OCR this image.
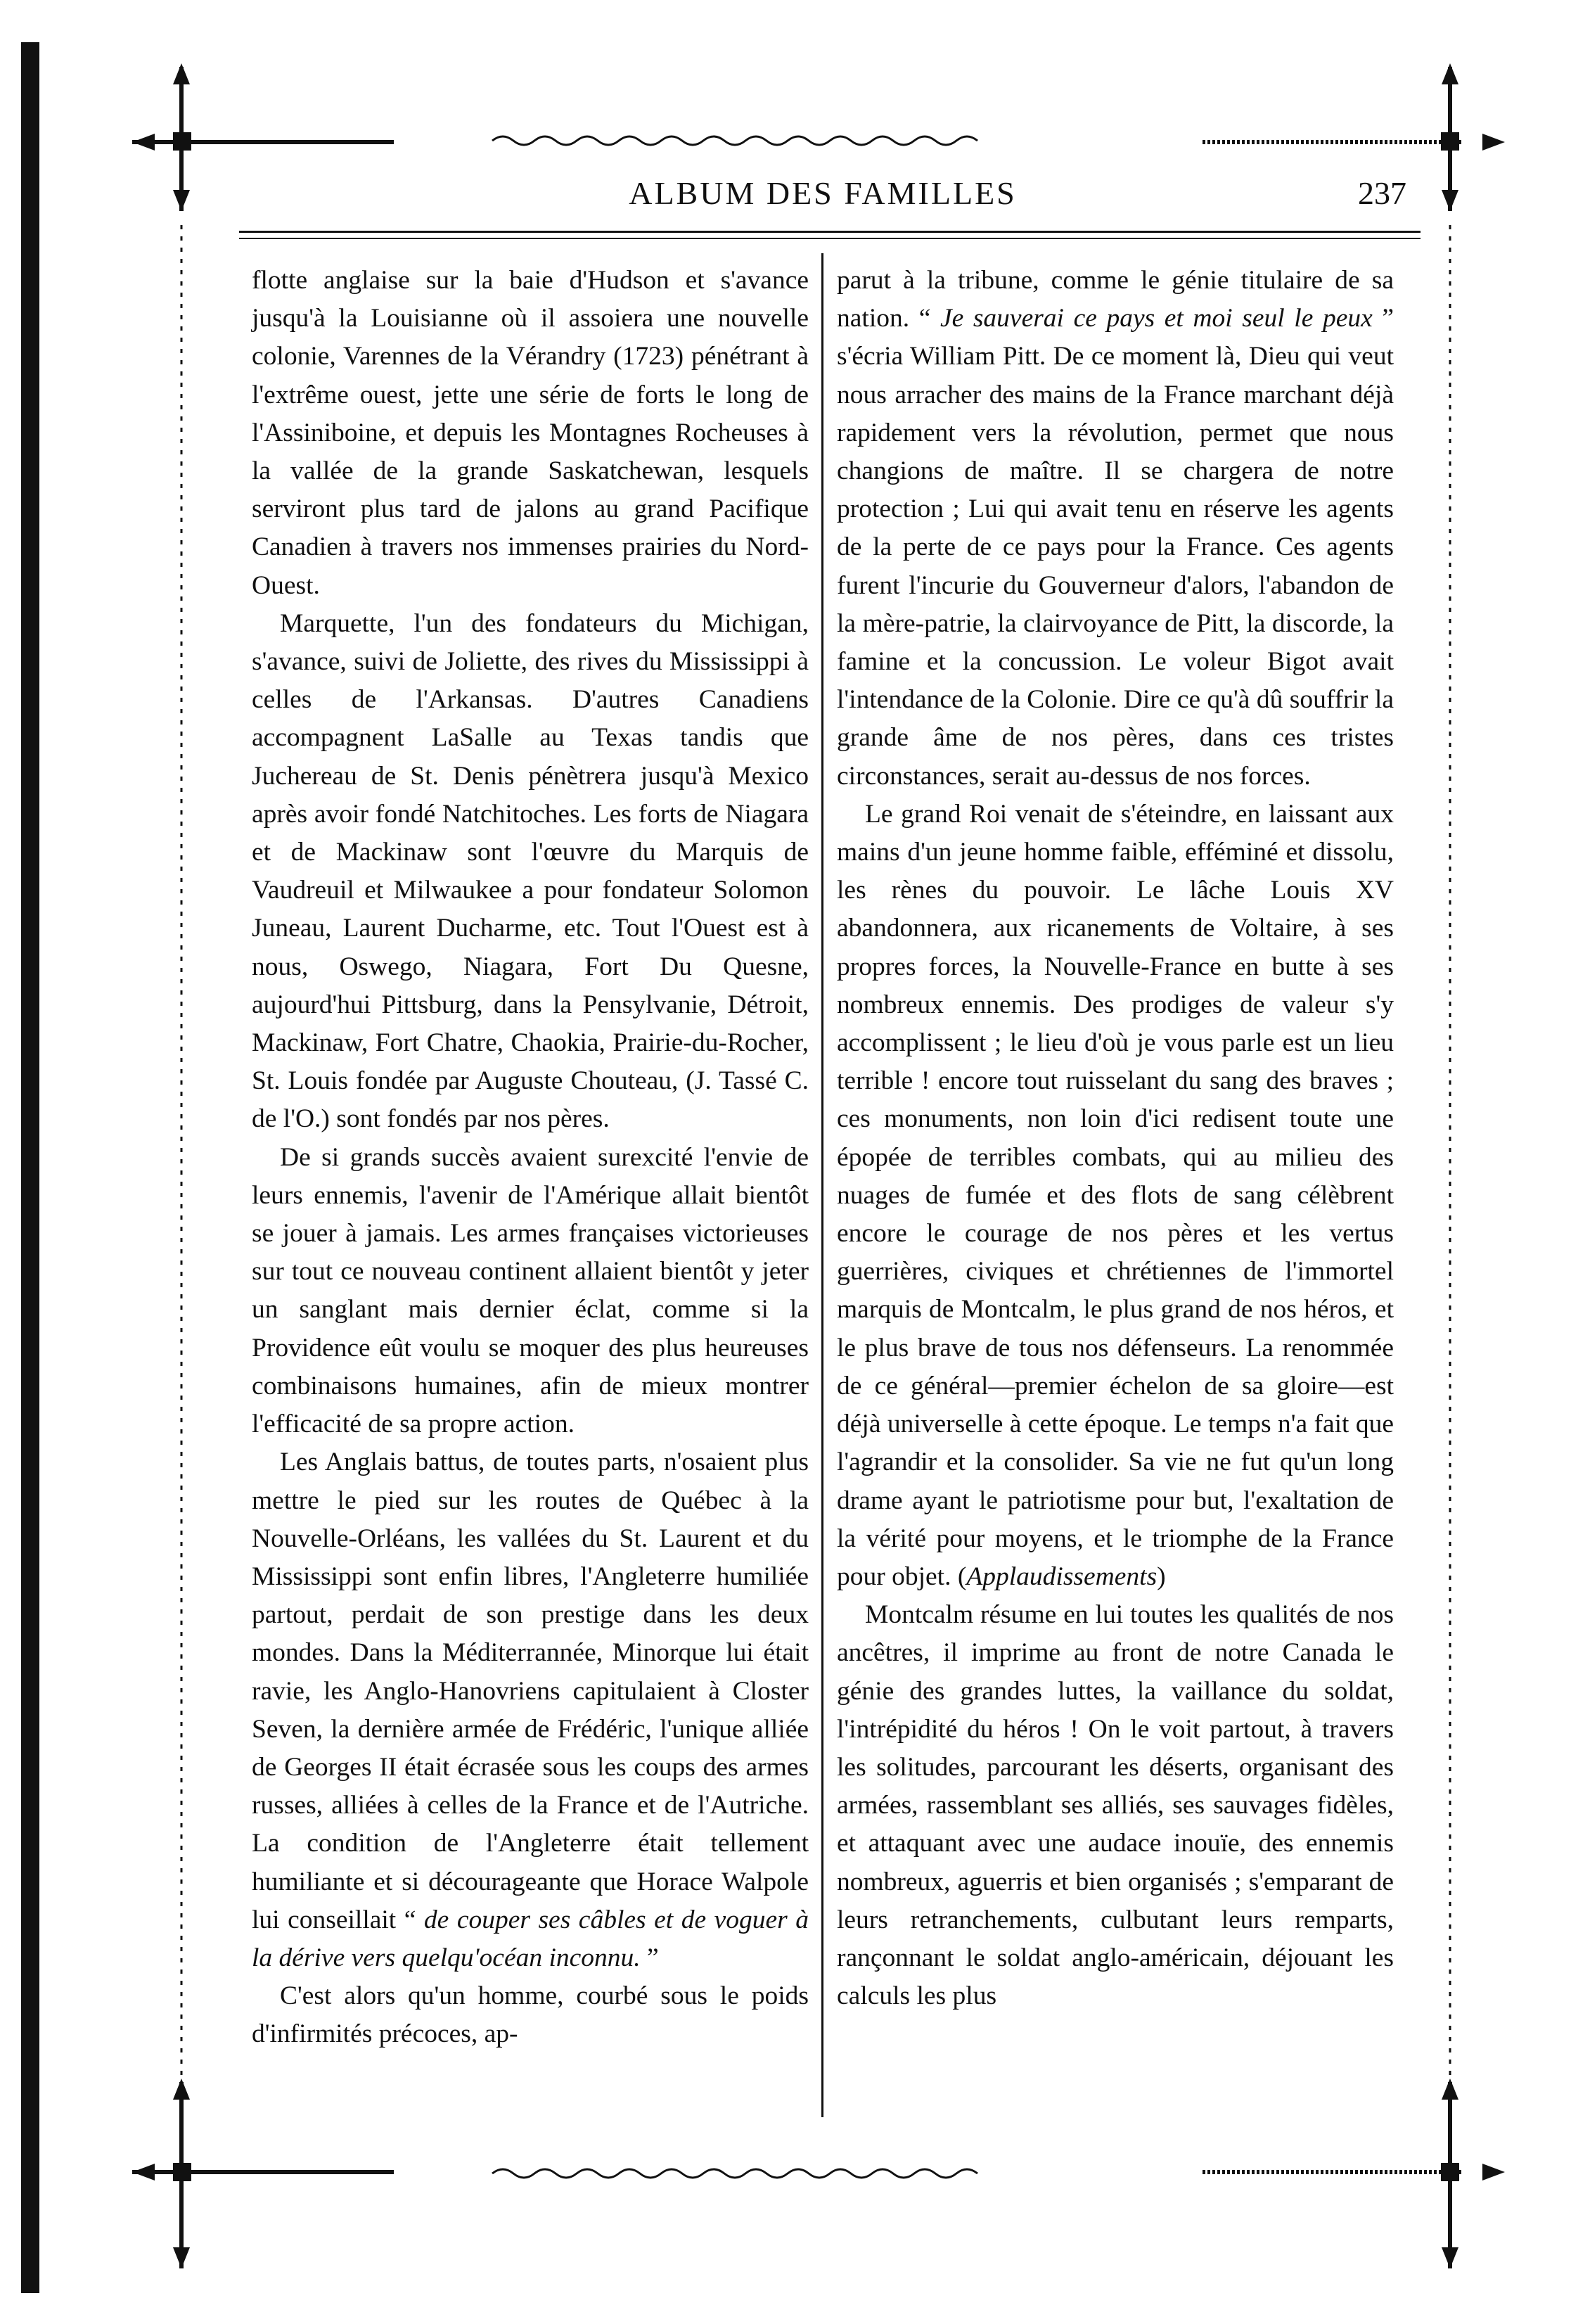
ALBUM DES FAMILLES	237

flotte anglaise sur la baie d'Hudson et s'avance jusqu'à la Louisianne où il assoiera une nouvelle colonie, Varennes de la Vérandry (1723) pénétrant à l'extrême ouest, jette une série de forts le long de l'Assiniboine, et depuis les Montagnes Rocheuses à la vallée de la grande Saskatchewan, lesquels serviront plus tard de jalons au grand Pacifique Canadien à travers nos immenses prairies du Nord-Ouest.

Marquette, l'un des fondateurs du Michigan, s'avance, suivi de Joliette, des rives du Mississippi à celles de l'Arkansas. D'autres Canadiens accompagnent LaSalle au Texas tandis que Juchereau de St. Denis pénètrera jusqu'à Mexico après avoir fondé Natchitoches. Les forts de Niagara et de Mackinaw sont l'œuvre du Marquis de Vaudreuil et Milwaukee a pour fondateur Solomon Juneau, Laurent Ducharme, etc. Tout l'Ouest est à nous, Oswego, Niagara, Fort Du Quesne, aujourd'hui Pittsburg, dans la Pensylvanie, Détroit, Mackinaw, Fort Chatre, Chaokia, Prairie-du-Rocher, St. Louis fondée par Auguste Chouteau, (J. Tassé C. de l'O.) sont fondés par nos pères.

De si grands succès avaient surexcité l'envie de leurs ennemis, l'avenir de l'Amérique allait bientôt se jouer à jamais. Les armes françaises victorieuses sur tout ce nouveau continent allaient bientôt y jeter un sanglant mais dernier éclat, comme si la Providence eût voulu se moquer des plus heureuses combinaisons humaines, afin de mieux montrer l'efficacité de sa propre action.

Les Anglais battus, de toutes parts, n'osaient plus mettre le pied sur les routes de Québec à la Nouvelle-Orléans, les vallées du St. Laurent et du Mississippi sont enfin libres, l'Angleterre humiliée partout, perdait de son prestige dans les deux mondes. Dans la Méditerrannée, Minorque lui était ravie, les Anglo-Hanovriens capitulaient à Closter Seven, la dernière armée de Frédéric, l'unique alliée de Georges II était écrasée sous les coups des armes russes, alliées à celles de la France et de l'Autriche. La condition de l'Angleterre était tellement humiliante et si décourageante que Horace Walpole lui conseillait “ de couper ses câbles et de voguer à la dérive vers quelqu'océan inconnu. ”

C'est alors qu'un homme, courbé sous le poids d'infirmités précoces, ap-

parut à la tribune, comme le génie titulaire de sa nation. “ Je sauverai ce pays et moi seul le peux ” s'écria William Pitt. De ce moment là, Dieu qui veut nous arracher des mains de la France marchant déjà rapidement vers la révolution, permet que nous changions de maître. Il se chargera de notre protection ; Lui qui avait tenu en réserve les agents de la perte de ce pays pour la France. Ces agents furent l'incurie du Gouverneur d'alors, l'abandon de la mère-patrie, la clairvoyance de Pitt, la discorde, la famine et la concussion. Le voleur Bigot avait l'intendance de la Colonie. Dire ce qu'à dû souffrir la grande âme de nos pères, dans ces tristes circonstances, serait au-dessus de nos forces.

Le grand Roi venait de s'éteindre, en laissant aux mains d'un jeune homme faible, efféminé et dissolu, les rènes du pouvoir. Le lâche Louis XV abandonnera, aux ricanements de Voltaire, à ses propres forces, la Nouvelle-France en butte à ses nombreux ennemis. Des prodiges de valeur s'y accomplissent ; le lieu d'où je vous parle est un lieu terrible ! encore tout ruisselant du sang des braves ; ces monuments, non loin d'ici redisent toute une épopée de terribles combats, qui au milieu des nuages de fumée et des flots de sang célèbrent encore le courage de nos pères et les vertus guerrières, civiques et chrétiennes de l'immortel marquis de Montcalm, le plus grand de nos héros, et le plus brave de tous nos défenseurs. La renommée de ce général—premier échelon de sa gloire—est déjà universelle à cette époque. Le temps n'a fait que l'agrandir et la consolider. Sa vie ne fut qu'un long drame ayant le patriotisme pour but, l'exaltation de la vérité pour moyens, et le triomphe de la France pour objet. (Applaudissements)

Montcalm résume en lui toutes les qualités de nos ancêtres, il imprime au front de notre Canada le génie des grandes luttes, la vaillance du soldat, l'intrépidité du héros ! On le voit partout, à travers les solitudes, parcourant les déserts, organisant des armées, rassemblant ses alliés, ses sauvages fidèles, et attaquant avec une audace inouïe, des ennemis nombreux, aguerris et bien organisés ; s'emparant de leurs retranchements, culbutant leurs remparts, rançonnant le soldat anglo-américain, déjouant les calculs les plus
